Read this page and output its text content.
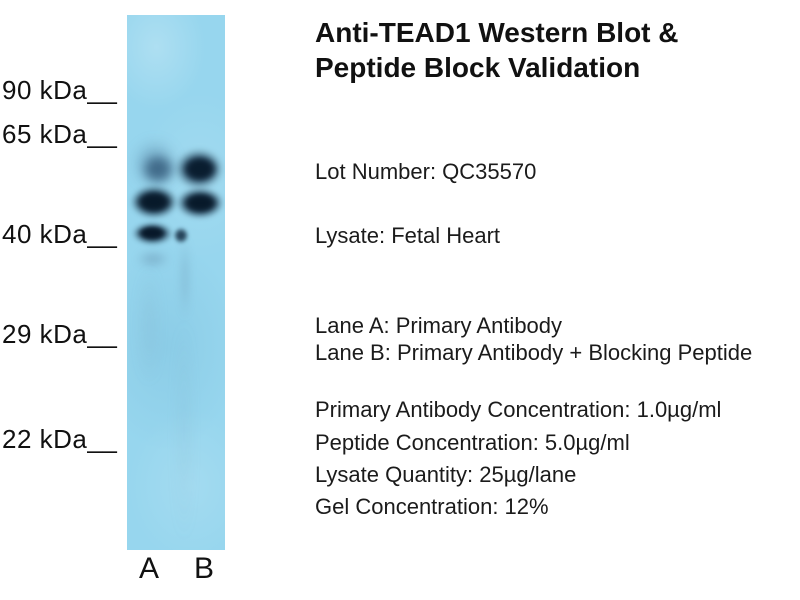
90 kDa__
65 kDa__
40 kDa__
29 kDa__
22 kDa__
A B
Anti-TEAD1 Western Blot &
Peptide Block Validation
Lot Number: QC35570
Lysate: Fetal Heart
Lane A: Primary Antibody
Lane B: Primary Antibody + Blocking Peptide
Primary Antibody Concentration: 1.0µg/ml
Peptide Concentration: 5.0µg/ml
Lysate Quantity: 25µg/lane
Gel Concentration: 12%
